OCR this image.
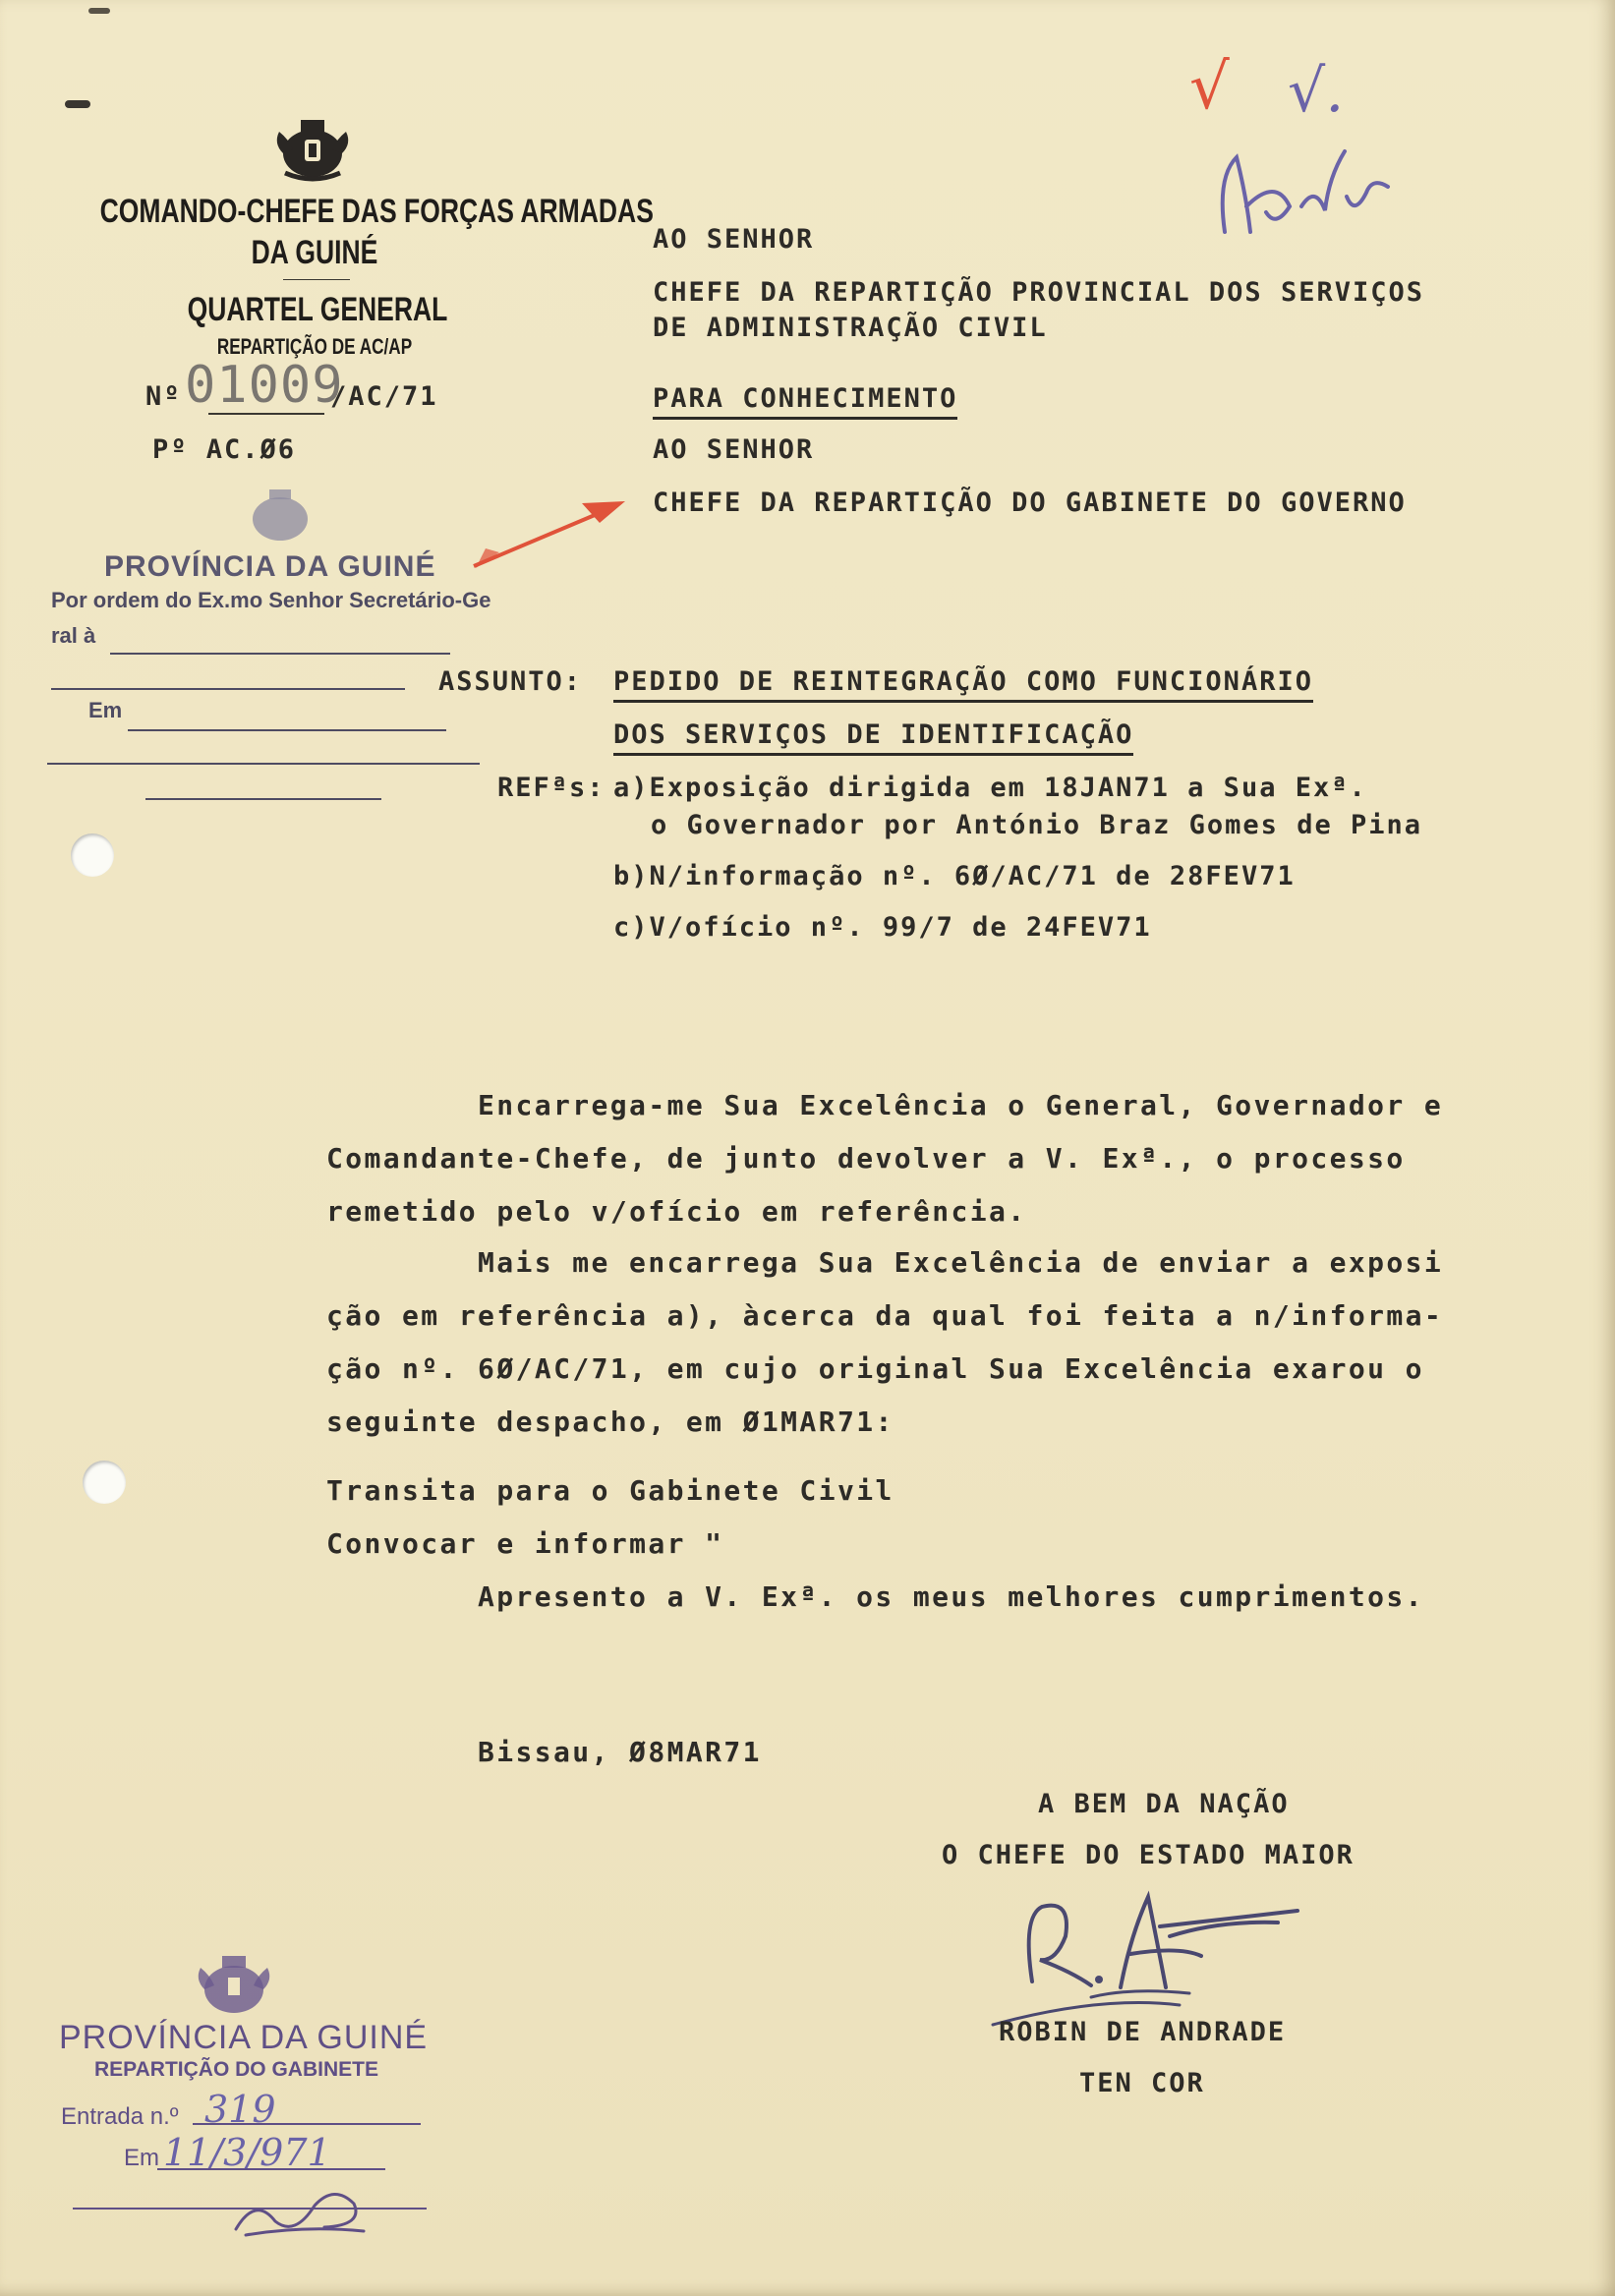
COMANDO-CHEFE DAS FORÇAS ARMADAS
DA GUINÉ
QUARTEL GENERAL
REPARTIÇÃO DE AC/AP
Nº 01009
/AC/71
Pº AC.Ø6
PROVÍNCIA DA GUINÉ
Por ordem do Ex.mo Senhor Secretário-Ge
ral à
Em
√ √.
AO SENHOR
CHEFE DA REPARTIÇÃO PROVINCIAL DOS SERVIÇOS
DE ADMINISTRAÇÃO CIVIL
PARA CONHECIMENTO
AO SENHOR
CHEFE DA REPARTIÇÃO DO GABINETE DO GOVERNO
ASSUNTO: PEDIDO DE REINTEGRAÇÃO COMO FUNCIONÁRIO
DOS SERVIÇOS DE IDENTIFICAÇÃO
REFªs: a)Exposição dirigida em 18JAN71 a Sua Exª.
o Governador por António Braz Gomes de Pina
b)N/informação nº. 6Ø/AC/71 de 28FEV71
c)V/ofício nº. 99/7 de 24FEV71
Encarrega-me Sua Excelência o General, Governador e
Comandante-Chefe, de junto devolver a V. Exª., o processo
remetido pelo v/ofício em referência.
Mais me encarrega Sua Excelência de enviar a exposi
ção em referência a), àcerca da qual foi feita a n/informa-
ção nº. 6Ø/AC/71, em cujo original Sua Excelência exarou o
seguinte despacho, em Ø1MAR71:
Transita para o Gabinete Civil
Convocar e informar "
Apresento a V. Exª. os meus melhores cumprimentos.
Bissau, Ø8MAR71
A BEM DA NAÇÃO
O CHEFE DO ESTADO MAIOR
ROBIN DE ANDRADE
TEN COR
PROVÍNCIA DA GUINÉ
REPARTIÇÃO DO GABINETE
Entrada n.º 319
Em 11/3/971
